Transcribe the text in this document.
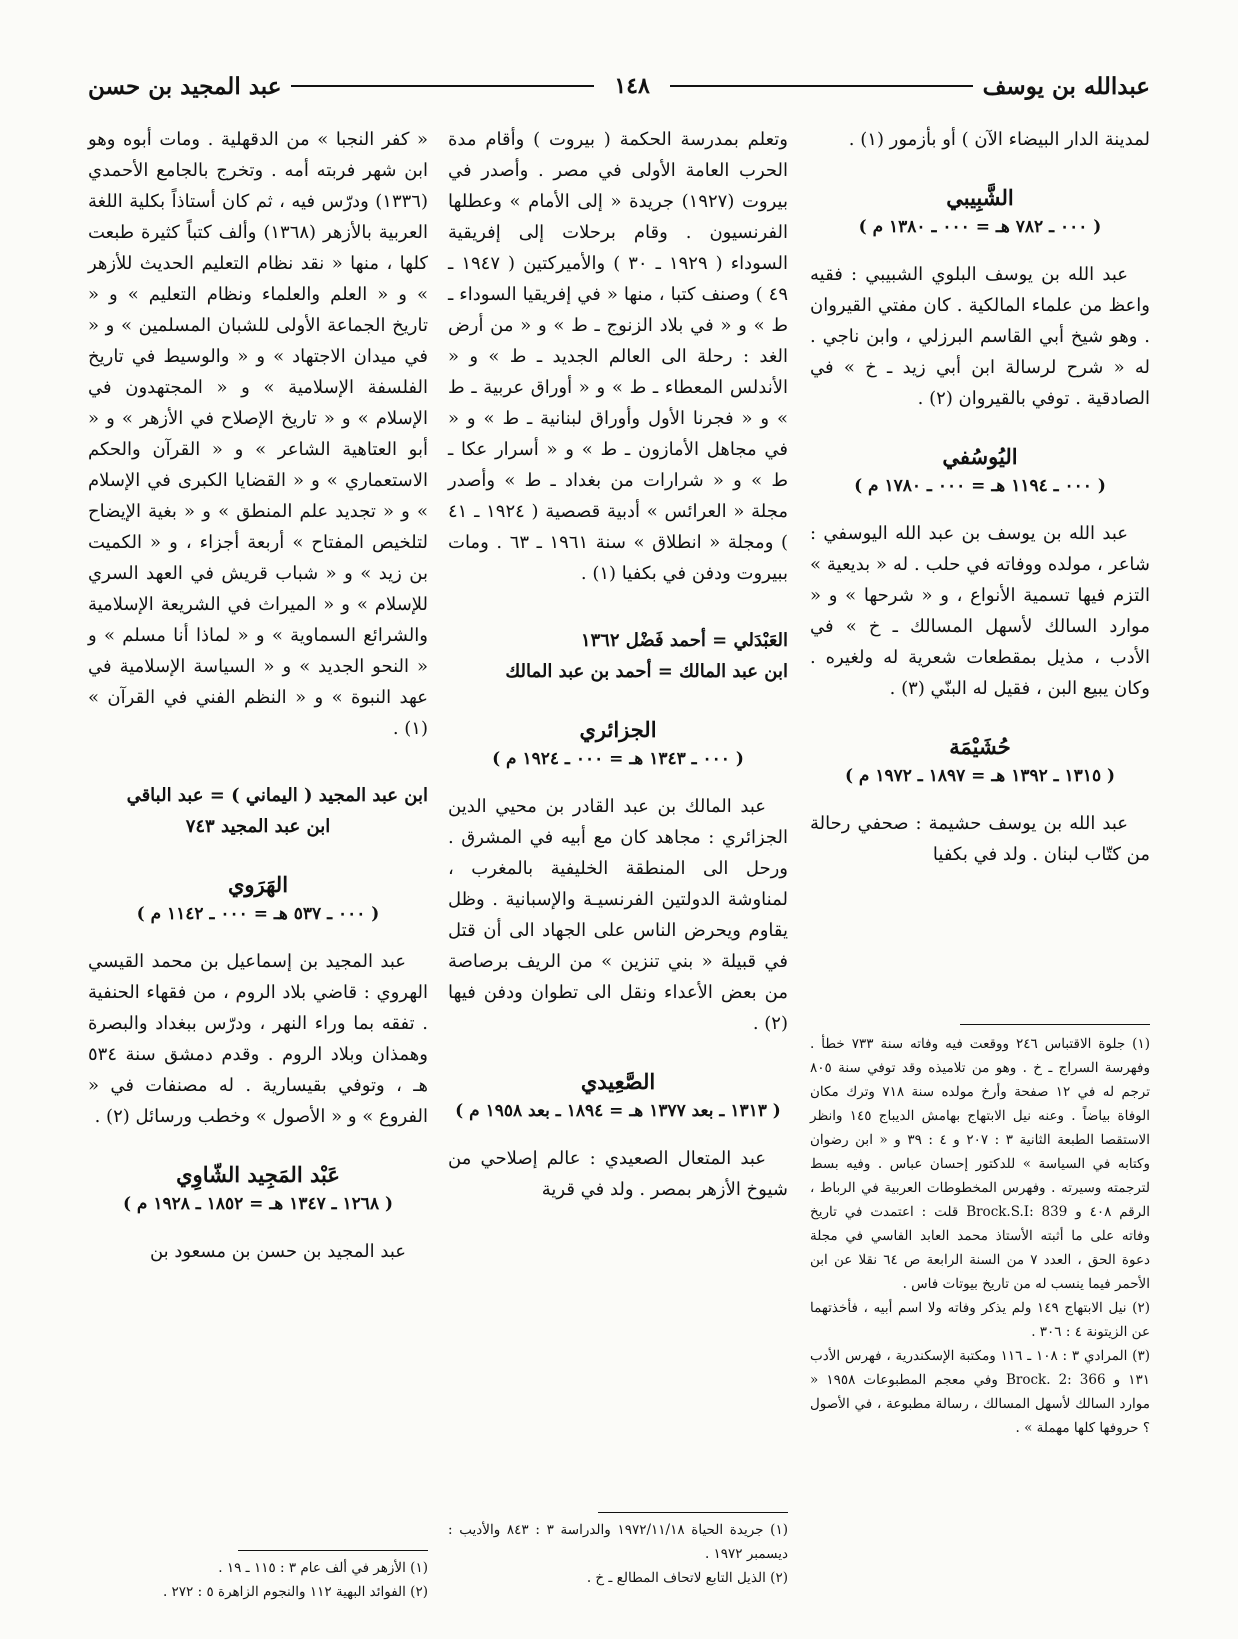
عبدالله بن يوسف
١٤٨
عبد المجيد بن حسن

لمدينة الدار البيضاء الآن ) أو بأزمور (١) .

الشَّبِيبي
( ٠٠٠ ـ ٧٨٢ هـ = ٠٠٠ ـ ١٣٨٠ م )

عبد الله بن يوسف البلوي الشبيبي : فقيه واعظ من علماء المالكية . كان مفتي القيروان . وهو شيخ أبي القاسم البرزلي ، وابن ناجي . له « شرح لرسالة ابن أبي زيد ـ خ » في الصادقية . توفي بالقيروان (٢) .

اليُوسُفي
( ٠٠٠ ـ ١١٩٤ هـ = ٠٠٠ ـ ١٧٨٠ م )

عبد الله بن يوسف بن عبد الله اليوسفي : شاعر ، مولده ووفاته في حلب . له « بديعية » التزم فيها تسمية الأنواع ، و « شرحها » و « موارد السالك لأسهل المسالك ـ خ » في الأدب ، مذيل بمقطعات شعرية له ولغيره . وكان يبيع البن ، فقيل له البنّي (٣) .

حُشَيْمَة
( ١٣١٥ ـ ١٣٩٢ هـ = ١٨٩٧ ـ ١٩٧٢ م )

عبد الله بن يوسف حشيمة : صحفي رحالة من كتّاب لبنان . ولد في بكفيا

(١) جلوة الاقتباس ٢٤٦ ووقعت فيه وفاته سنة ٧٣٣ خطأ . وفهرسة السراج ـ خ . وهو من تلاميذه وقد توفي سنة ٨٠٥ ترجم له في ١٢ صفحة وأرخ مولده سنة ٧١٨ وترك مكان الوفاة بياضاً . وعنه نيل الابتهاج بهامش الديباج ١٤٥ وانظر الاستقصا الطبعة الثانية ٣ : ٢٠٧ و ٤ : ٣٩ و « ابن رضوان وكتابه في السياسة » للدكتور إحسان عباس . وفيه بسط لترجمته وسيرته . وفهرس المخطوطات العربية في الرباط ، الرقم ٤٠٨ و Brock.S.I: 839 قلت : اعتمدت في تاريخ وفاته على ما أثبته الأستاذ محمد العابد الفاسي في مجلة دعوة الحق ، العدد ٧ من السنة الرابعة ص ٦٤ نقلا عن ابن الأحمر فيما ينسب له من تاريخ بيوتات فاس .

(٢) نيل الابتهاج ١٤٩ ولم يذكر وفاته ولا اسم أبيه ، فأخذتهما عن الزيتونة ٤ : ٣٠٦ .

(٣) المرادي ٣ : ١٠٨ ـ ١١٦ ومكتبة الإسكندرية ، فهرس الأدب ١٣١ و Brock. 2: 366 وفي معجم المطبوعات ١٩٥٨ « موارد السالك لأسهل المسالك ، رسالة مطبوعة ، في الأصول ؟ حروفها كلها مهملة » .

وتعلم بمدرسة الحكمة ( بيروت ) وأقام مدة الحرب العامة الأولى في مصر . وأصدر في بيروت (١٩٢٧) جريدة « إلى الأمام » وعطلها الفرنسيون . وقام برحلات إلى إفريقية السوداء ( ١٩٢٩ ـ ٣٠ ) والأميركتين ( ١٩٤٧ ـ ٤٩ ) وصنف كتبا ، منها « في إفريقيا السوداء ـ ط » و « في بلاد الزنوج ـ ط » و « من أرض الغد : رحلة الى العالم الجديد ـ ط » و « الأندلس المعطاء ـ ط » و « أوراق عربية ـ ط » و « فجرنا الأول وأوراق لبنانية ـ ط » و « في مجاهل الأمازون ـ ط » و « أسرار عكا ـ ط » و « شرارات من بغداد ـ ط » وأصدر مجلة « العرائس » أدبية قصصية ( ١٩٢٤ ـ ٤١ ) ومجلة « انطلاق » سنة ١٩٦١ ـ ٦٣ . ومات ببيروت ودفن في بكفيا (١) .

العَبْدَلي = أحمد فَضْل ١٣٦٢

ابن عبد المالك = أحمد بن عبد المالك

الجزائري
( ٠٠٠ ـ ١٣٤٣ هـ = ٠٠٠ ـ ١٩٢٤ م )

عبد المالك بن عبد القادر بن محيي الدين الجزائري : مجاهد كان مع أبيه في المشرق . ورحل الى المنطقة الخليفية بالمغرب ، لمناوشة الدولتين الفرنسيـة والإسبانية . وظل يقاوم ويحرض الناس على الجهاد الى أن قتل في قبيلة « بني تنزين » من الريف برصاصة من بعض الأعداء ونقل الى تطوان ودفن فيها (٢) .

الصَّعِيدي
( ١٣١٣ ـ بعد ١٣٧٧ هـ = ١٨٩٤ ـ بعد ١٩٥٨ م )

عبد المتعال الصعيدي : عالم إصلاحي من شيوخ الأزهر بمصر . ولد في قرية

(١) جريدة الحياة ١٩٧٢/١١/١٨ والدراسة ٣ : ٨٤٣ والأديب : ديسمبر ١٩٧٢ .

(٢) الذيل التابع لاتحاف المطالع ـ خ .

« كفر النجبا » من الدقهلية . ومات أبوه وهو ابن شهر فربته أمه . وتخرج بالجامع الأحمدي (١٣٣٦) ودرّس فيه ، ثم كان أستاذاً بكلية اللغة العربية بالأزهر (١٣٦٨) وألف كتباً كثيرة طبعت كلها ، منها « نقد نظام التعليم الحديث للأزهر » و « العلم والعلماء ونظام التعليم » و « تاريخ الجماعة الأولى للشبان المسلمين » و « في ميدان الاجتهاد » و « والوسيط في تاريخ الفلسفة الإسلامية » و « المجتهدون في الإسلام » و « تاريخ الإصلاح في الأزهر » و « أبو العتاهية الشاعر » و « القرآن والحكم الاستعماري » و « القضايا الكبرى في الإسلام » و « تجديد علم المنطق » و « بغية الإيضاح لتلخيص المفتاح » أربعة أجزاء ، و « الكميت بن زيد » و « شباب قريش في العهد السري للإسلام » و « الميراث في الشريعة الإسلامية والشرائع السماوية » و « لماذا أنا مسلم » و « النحو الجديد » و « السياسة الإسلامية في عهد النبوة » و « النظم الفني في القرآن » (١) .

ابن عبد المجيد ( اليماني ) = عبد الباقي

ابن عبد المجيد ٧٤٣

الهَرَوي
( ٠٠٠ ـ ٥٣٧ هـ = ٠٠٠ ـ ١١٤٢ م )

عبد المجيد بن إسماعيل بن محمد القيسي الهروي : قاضي بلاد الروم ، من فقهاء الحنفية . تفقه بما وراء النهر ، ودرّس ببغداد والبصرة وهمذان وبلاد الروم . وقدم دمشق سنة ٥٣٤ هـ ، وتوفي بقيسارية . له مصنفات في « الفروع » و « الأصول » وخطب ورسائل (٢) .

عَبْد المَجِيد الشّاوِي
( ١٢٦٨ ـ ١٣٤٧ هـ = ١٨٥٢ ـ ١٩٢٨ م )

عبد المجيد بن حسن بن مسعود بن

(١) الأزهر في ألف عام ٣ : ١١٥ ـ ١٩ .

(٢) الفوائد البهية ١١٢ والنجوم الزاهرة ٥ : ٢٧٢ .
